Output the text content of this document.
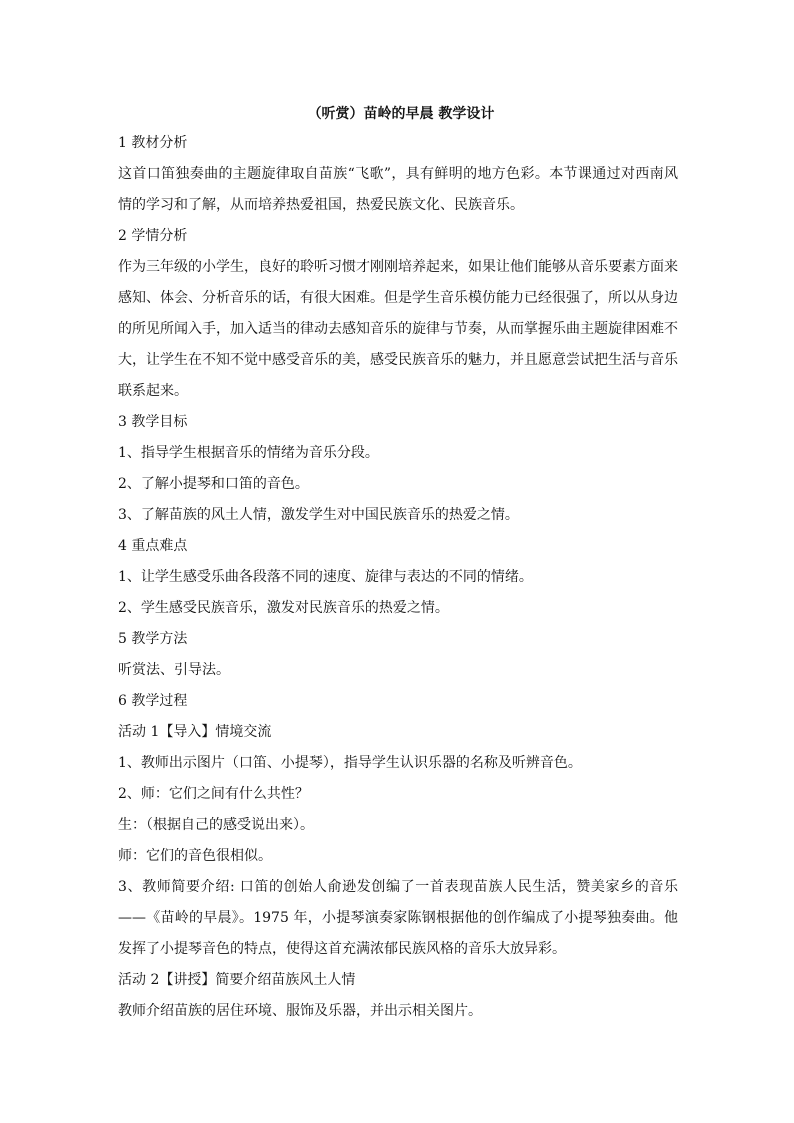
（听赏）苗岭的早晨 教学设计

1 教材分析

这首口笛独奏曲的主题旋律取自苗族“飞歌”，具有鲜明的地方色彩。本节课通过对西南风情的学习和了解，从而培养热爱祖国，热爱民族文化、民族音乐。

2 学情分析

作为三年级的小学生，良好的聆听习惯才刚刚培养起来，如果让他们能够从音乐要素方面来感知、体会、分析音乐的话，有很大困难。但是学生音乐模仿能力已经很强了，所以从身边的所见所闻入手，加入适当的律动去感知音乐的旋律与节奏，从而掌握乐曲主题旋律困难不大，让学生在不知不觉中感受音乐的美，感受民族音乐的魅力，并且愿意尝试把生活与音乐联系起来。

3 教学目标

1、指导学生根据音乐的情绪为音乐分段。

2、了解小提琴和口笛的音色。

3、了解苗族的风土人情，激发学生对中国民族音乐的热爱之情。

4 重点难点

1、让学生感受乐曲各段落不同的速度、旋律与表达的不同的情绪。

2、学生感受民族音乐，激发对民族音乐的热爱之情。

5 教学方法

听赏法、引导法。

6 教学过程

活动 1【导入】情境交流

1、教师出示图片（口笛、小提琴），指导学生认识乐器的名称及听辨音色。

2、师：它们之间有什么共性？

生：（根据自己的感受说出来）。

师：它们的音色很相似。

3、教师简要介绍: 口笛的创始人俞逊发创编了一首表现苗族人民生活，赞美家乡的音乐——《苗岭的早晨》。1975 年，小提琴演奏家陈钢根据他的创作编成了小提琴独奏曲。他发挥了小提琴音色的特点，使得这首充满浓郁民族风格的音乐大放异彩。

活动 2【讲授】简要介绍苗族风土人情

教师介绍苗族的居住环境、服饰及乐器，并出示相关图片。
